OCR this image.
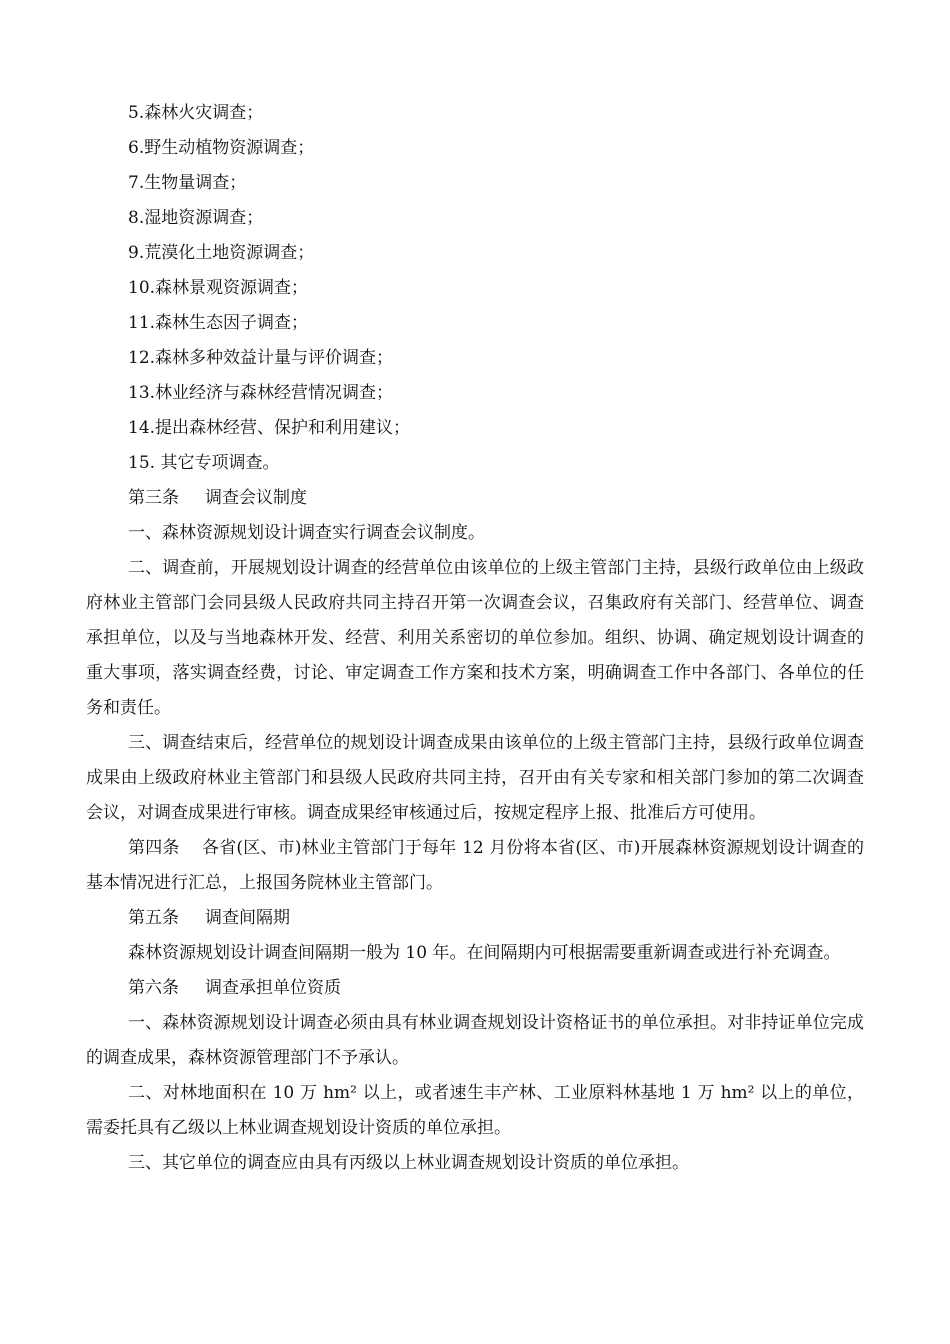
5.森林火灾调查；

6.野生动植物资源调查；

7.生物量调查；

8.湿地资源调查；

9.荒漠化土地资源调查；

10.森林景观资源调查；

11.森林生态因子调查；

12.森林多种效益计量与评价调查；

13.林业经济与森林经营情况调查；

14.提出森林经营、保护和利用建议；

15. 其它专项调查。

第三条 调查会议制度

一、森林资源规划设计调查实行调查会议制度。

二、调查前，开展规划设计调查的经营单位由该单位的上级主管部门主持，县级行政单位由上级政府林业主管部门会同县级人民政府共同主持召开第一次调查会议，召集政府有关部门、经营单位、调查承担单位，以及与当地森林开发、经营、利用关系密切的单位参加。组织、协调、确定规划设计调查的重大事项，落实调查经费，讨论、审定调查工作方案和技术方案，明确调查工作中各部门、各单位的任务和责任。

三、调查结束后，经营单位的规划设计调查成果由该单位的上级主管部门主持，县级行政单位调查成果由上级政府林业主管部门和县级人民政府共同主持，召开由有关专家和相关部门参加的第二次调查会议，对调查成果进行审核。调查成果经审核通过后，按规定程序上报、批准后方可使用。

第四条    各省(区、市)林业主管部门于每年 12 月份将本省(区、市)开展森林资源规划设计调查的基本情况进行汇总，上报国务院林业主管部门。

第五条 调查间隔期

森林资源规划设计调查间隔期一般为 10 年。在间隔期内可根据需要重新调查或进行补充调查。

第六条 调查承担单位资质

一、森林资源规划设计调查必须由具有林业调查规划设计资格证书的单位承担。对非持证单位完成的调查成果，森林资源管理部门不予承认。

二、对林地面积在 10 万 hm² 以上，或者速生丰产林、工业原料林基地 1 万 hm² 以上的单位，需委托具有乙级以上林业调查规划设计资质的单位承担。

三、其它单位的调查应由具有丙级以上林业调查规划设计资质的单位承担。
